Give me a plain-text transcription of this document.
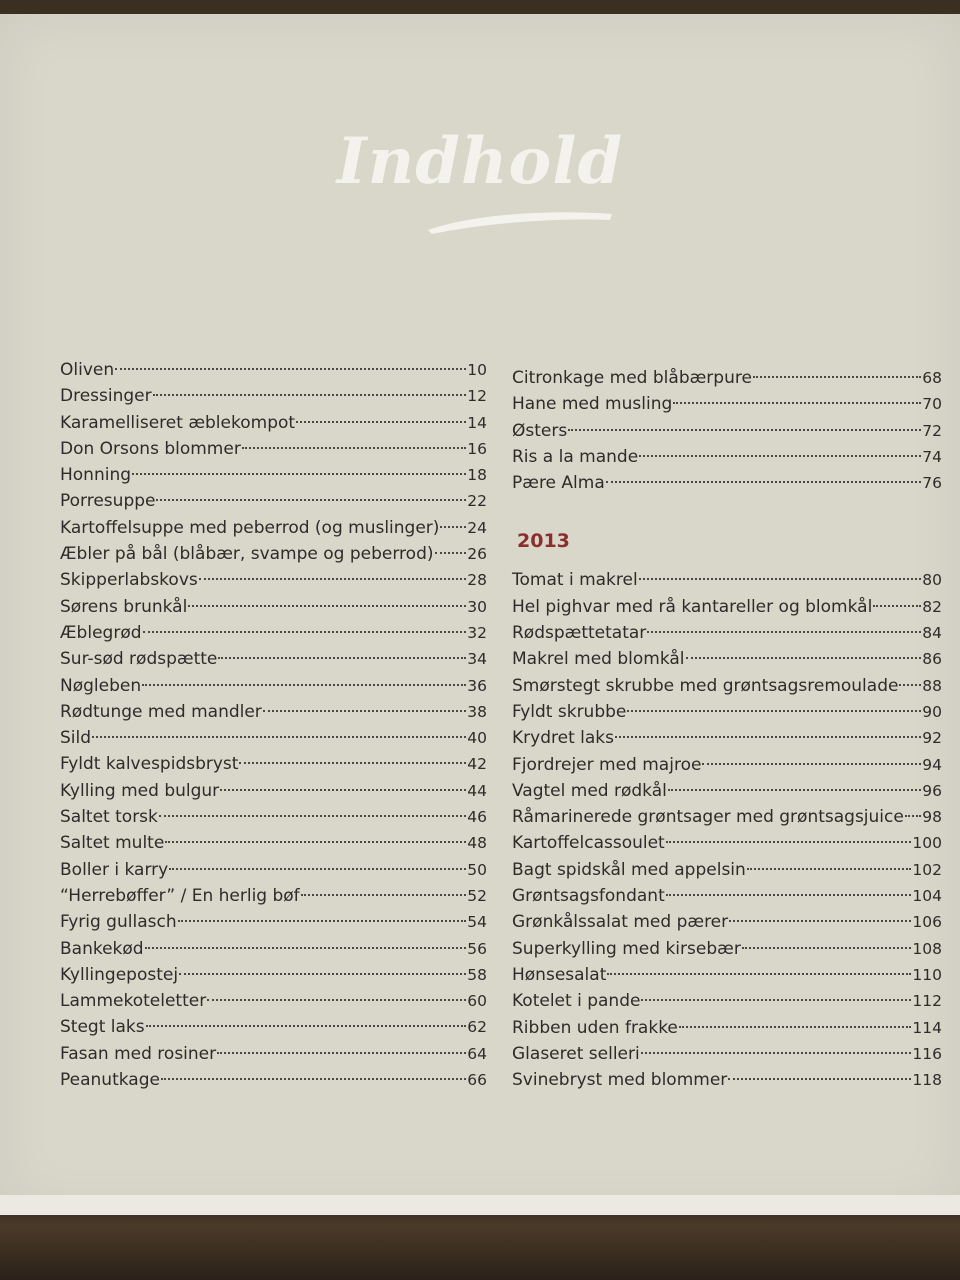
Indhold
Oliven	10
Dressinger	12
Karamelliseret æblekompot	14
Don Orsons blommer	16
Honning	18
Porresuppe	22
Kartoffelsuppe med peberrod (og muslinger) 24
Æbler på bål (blåbær, svampe og peberrod) 26
Skipperlabskovs	28
Sørens brunkål	30
Æblegrød	32
Sur-sød rødspætte	34
Nøgleben	36
Rødtunge med mandler	38
Sild	40
Fyldt kalvespidsbryst	42
Kylling med bulgur	44
Saltet torsk	46
Saltet multe	48
Boller i karry	50
“Herrebøffer” / En herlig bøf	52
Fyrig gullasch	54
Bankekød	56
Kyllingepostej	58
Lammekoteletter	60
Stegt laks	62
Fasan med rosiner	64
Peanutkage	66
Citronkage med blåbærpure	68
Hane med musling	70
Østers	72
Ris a la mande	74
Pære Alma	76
2013
Tomat i makrel	80
Hel pighvar med rå kantareller og blomkål	82
Rødspættetatar	84
Makrel med blomkål	86
Smørstegt skrubbe med grøntsagsremoulade 88
Fyldt skrubbe	90
Krydret laks	92
Fjordrejer med majroe	94
Vagtel med rødkål	96
Råmarinerede grøntsager med grøntsagsjuice 98
Kartoffelcassoulet	100
Bagt spidskål med appelsin	102
Grøntsagsfondant	104
Grønkålssalat med pærer	106
Superkylling med kirsebær	108
Hønsesalat	110
Kotelet i pande	112
Ribben uden frakke	114
Glaseret selleri	116
Svinebryst med blommer	118
